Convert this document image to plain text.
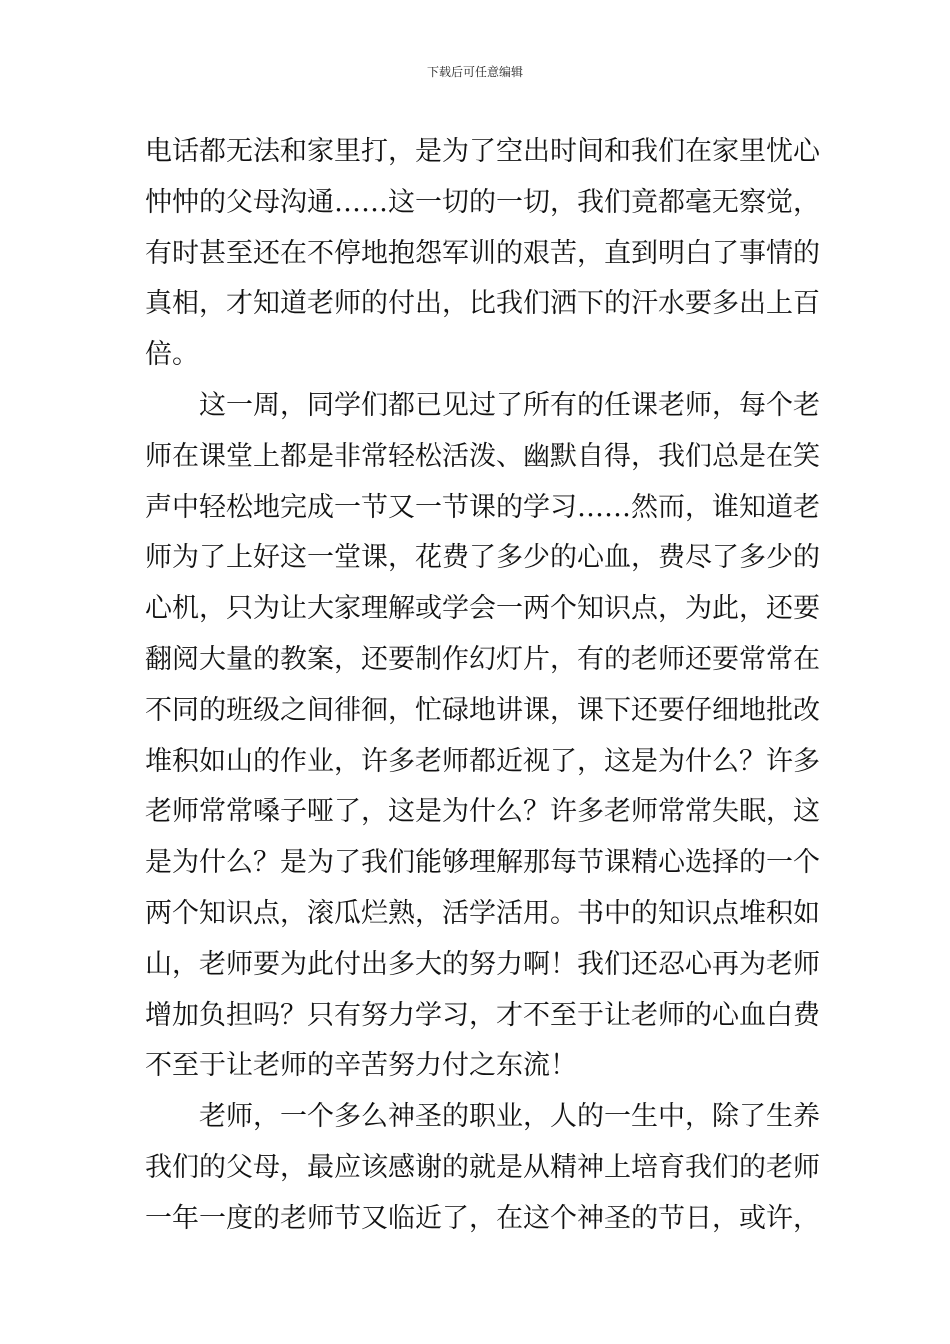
下载后可任意编辑
电话都无法和家里打，是为了空出时间和我们在家里忧心
忡忡的父母沟通……这一切的一切，我们竟都毫无察觉，
有时甚至还在不停地抱怨军训的艰苦，直到明白了事情的
真相，才知道老师的付出，比我们洒下的汗水要多出上百
倍。
这一周，同学们都已见过了所有的任课老师，每个老
师在课堂上都是非常轻松活泼、幽默自得，我们总是在笑
声中轻松地完成一节又一节课的学习……然而，谁知道老
师为了上好这一堂课，花费了多少的心血，费尽了多少的
心机，只为让大家理解或学会一两个知识点，为此，还要
翻阅大量的教案，还要制作幻灯片，有的老师还要常常在
不同的班级之间徘徊，忙碌地讲课，课下还要仔细地批改
堆积如山的作业，许多老师都近视了，这是为什么？许多
老师常常嗓子哑了，这是为什么？许多老师常常失眠，这
是为什么？是为了我们能够理解那每节课精心选择的一个
两个知识点，滚瓜烂熟，活学活用。书中的知识点堆积如
山，老师要为此付出多大的努力啊！我们还忍心再为老师
增加负担吗？只有努力学习，才不至于让老师的心血白费
不至于让老师的辛苦努力付之东流！
老师，一个多么神圣的职业，人的一生中，除了生养
我们的父母，最应该感谢的就是从精神上培育我们的老师
一年一度的老师节又临近了，在这个神圣的节日，或许，
